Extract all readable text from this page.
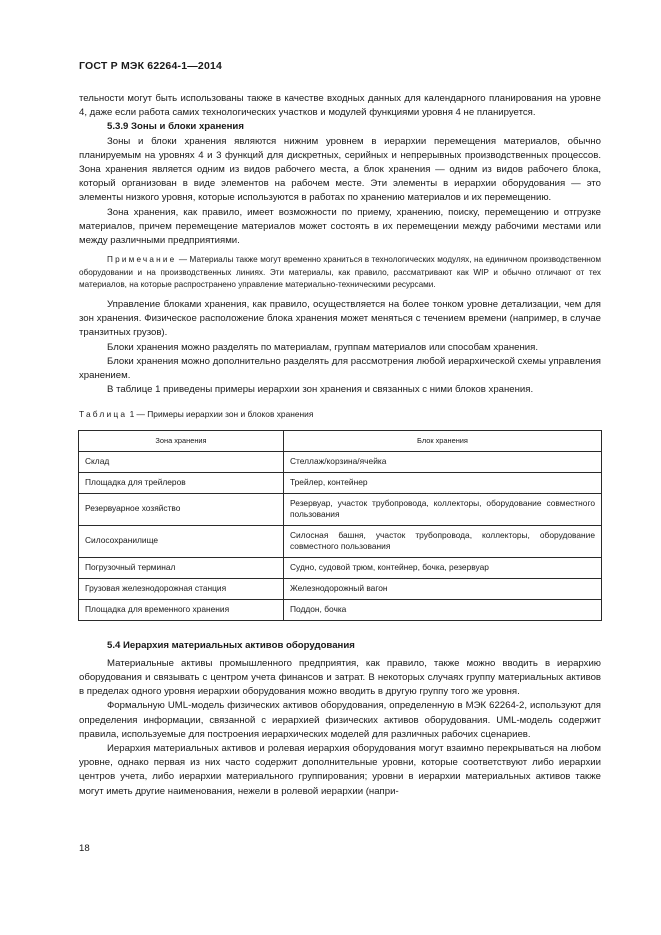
ГОСТ Р МЭК 62264-1—2014

тельности могут быть использованы также в качестве входных данных для календарного планирования на уровне 4, даже если работа самих технологических участков и модулей функциями уровня 4 не планируется.

5.3.9 Зоны и блоки хранения

Зоны и блоки хранения являются нижним уровнем в иерархии перемещения материалов, обычно планируемым на уровнях 4 и 3 функций для дискретных, серийных и непрерывных производственных процессов. Зона хранения является одним из видов рабочего места, а блок хранения — одним из видов рабочего блока, который организован в виде элементов на рабочем месте. Эти элементы в иерархии оборудования — это элементы низкого уровня, которые используются в работах по хранению материалов и их перемещению.

Зона хранения, как правило, имеет возможности по приему, хранению, поиску, перемещению и отгрузке материалов, причем перемещение материалов может состоять в их перемещении между рабочими местами или между различными предприятиями.

Примечание — Материалы также могут временно храниться в технологических модулях, на единичном производственном оборудовании и на производственных линиях. Эти материалы, как правило, рассматривают как WIP и обычно отличают от тех материалов, на которые распространено управление материально-техническими ресурсами.

Управление блоками хранения, как правило, осуществляется на более тонком уровне детализации, чем для зон хранения. Физическое расположение блока хранения может меняться с течением времени (например, в случае транзитных грузов).

Блоки хранения можно разделять по материалам, группам материалов или способам хранения.

Блоки хранения можно дополнительно разделять для рассмотрения любой иерархической схемы управления хранением.

В таблице 1 приведены примеры иерархии зон хранения и связанных с ними блоков хранения.

Таблица 1 — Примеры иерархии зон и блоков хранения

Зона хранения	Блок хранения
Склад	Стеллаж/корзина/ячейка
Площадка для трейлеров	Трейлер, контейнер
Резервуарное хозяйство	Резервуар, участок трубопровода, коллекторы, оборудование совместного пользования
Силосохранилище	Силосная башня, участок трубопровода, коллекторы, оборудование совместного пользования
Погрузочный терминал	Судно, судовой трюм, контейнер, бочка, резервуар
Грузовая железнодорожная станция	Железнодорожный вагон
Площадка для временного хранения	Поддон, бочка
5.4 Иерархия материальных активов оборудования

Материальные активы промышленного предприятия, как правило, также можно вводить в иерархию оборудования и связывать с центром учета финансов и затрат. В некоторых случаях группу материальных активов в пределах одного уровня иерархии оборудования можно вводить в другую группу того же уровня.

Формальную UML-модель физических активов оборудования, определенную в МЭК 62264-2, используют для определения информации, связанной с иерархией физических активов оборудования. UML-модель содержит правила, используемые для построения иерархических моделей для различных рабочих сценариев.

Иерархия материальных активов и ролевая иерархия оборудования могут взаимно перекрываться на любом уровне, однако первая из них часто содержит дополнительные уровни, которые соответствуют либо иерархии центров учета, либо иерархии материального группирования; уровни в иерархии материальных активов также могут иметь другие наименования, нежели в ролевой иерархии (напри-

18
